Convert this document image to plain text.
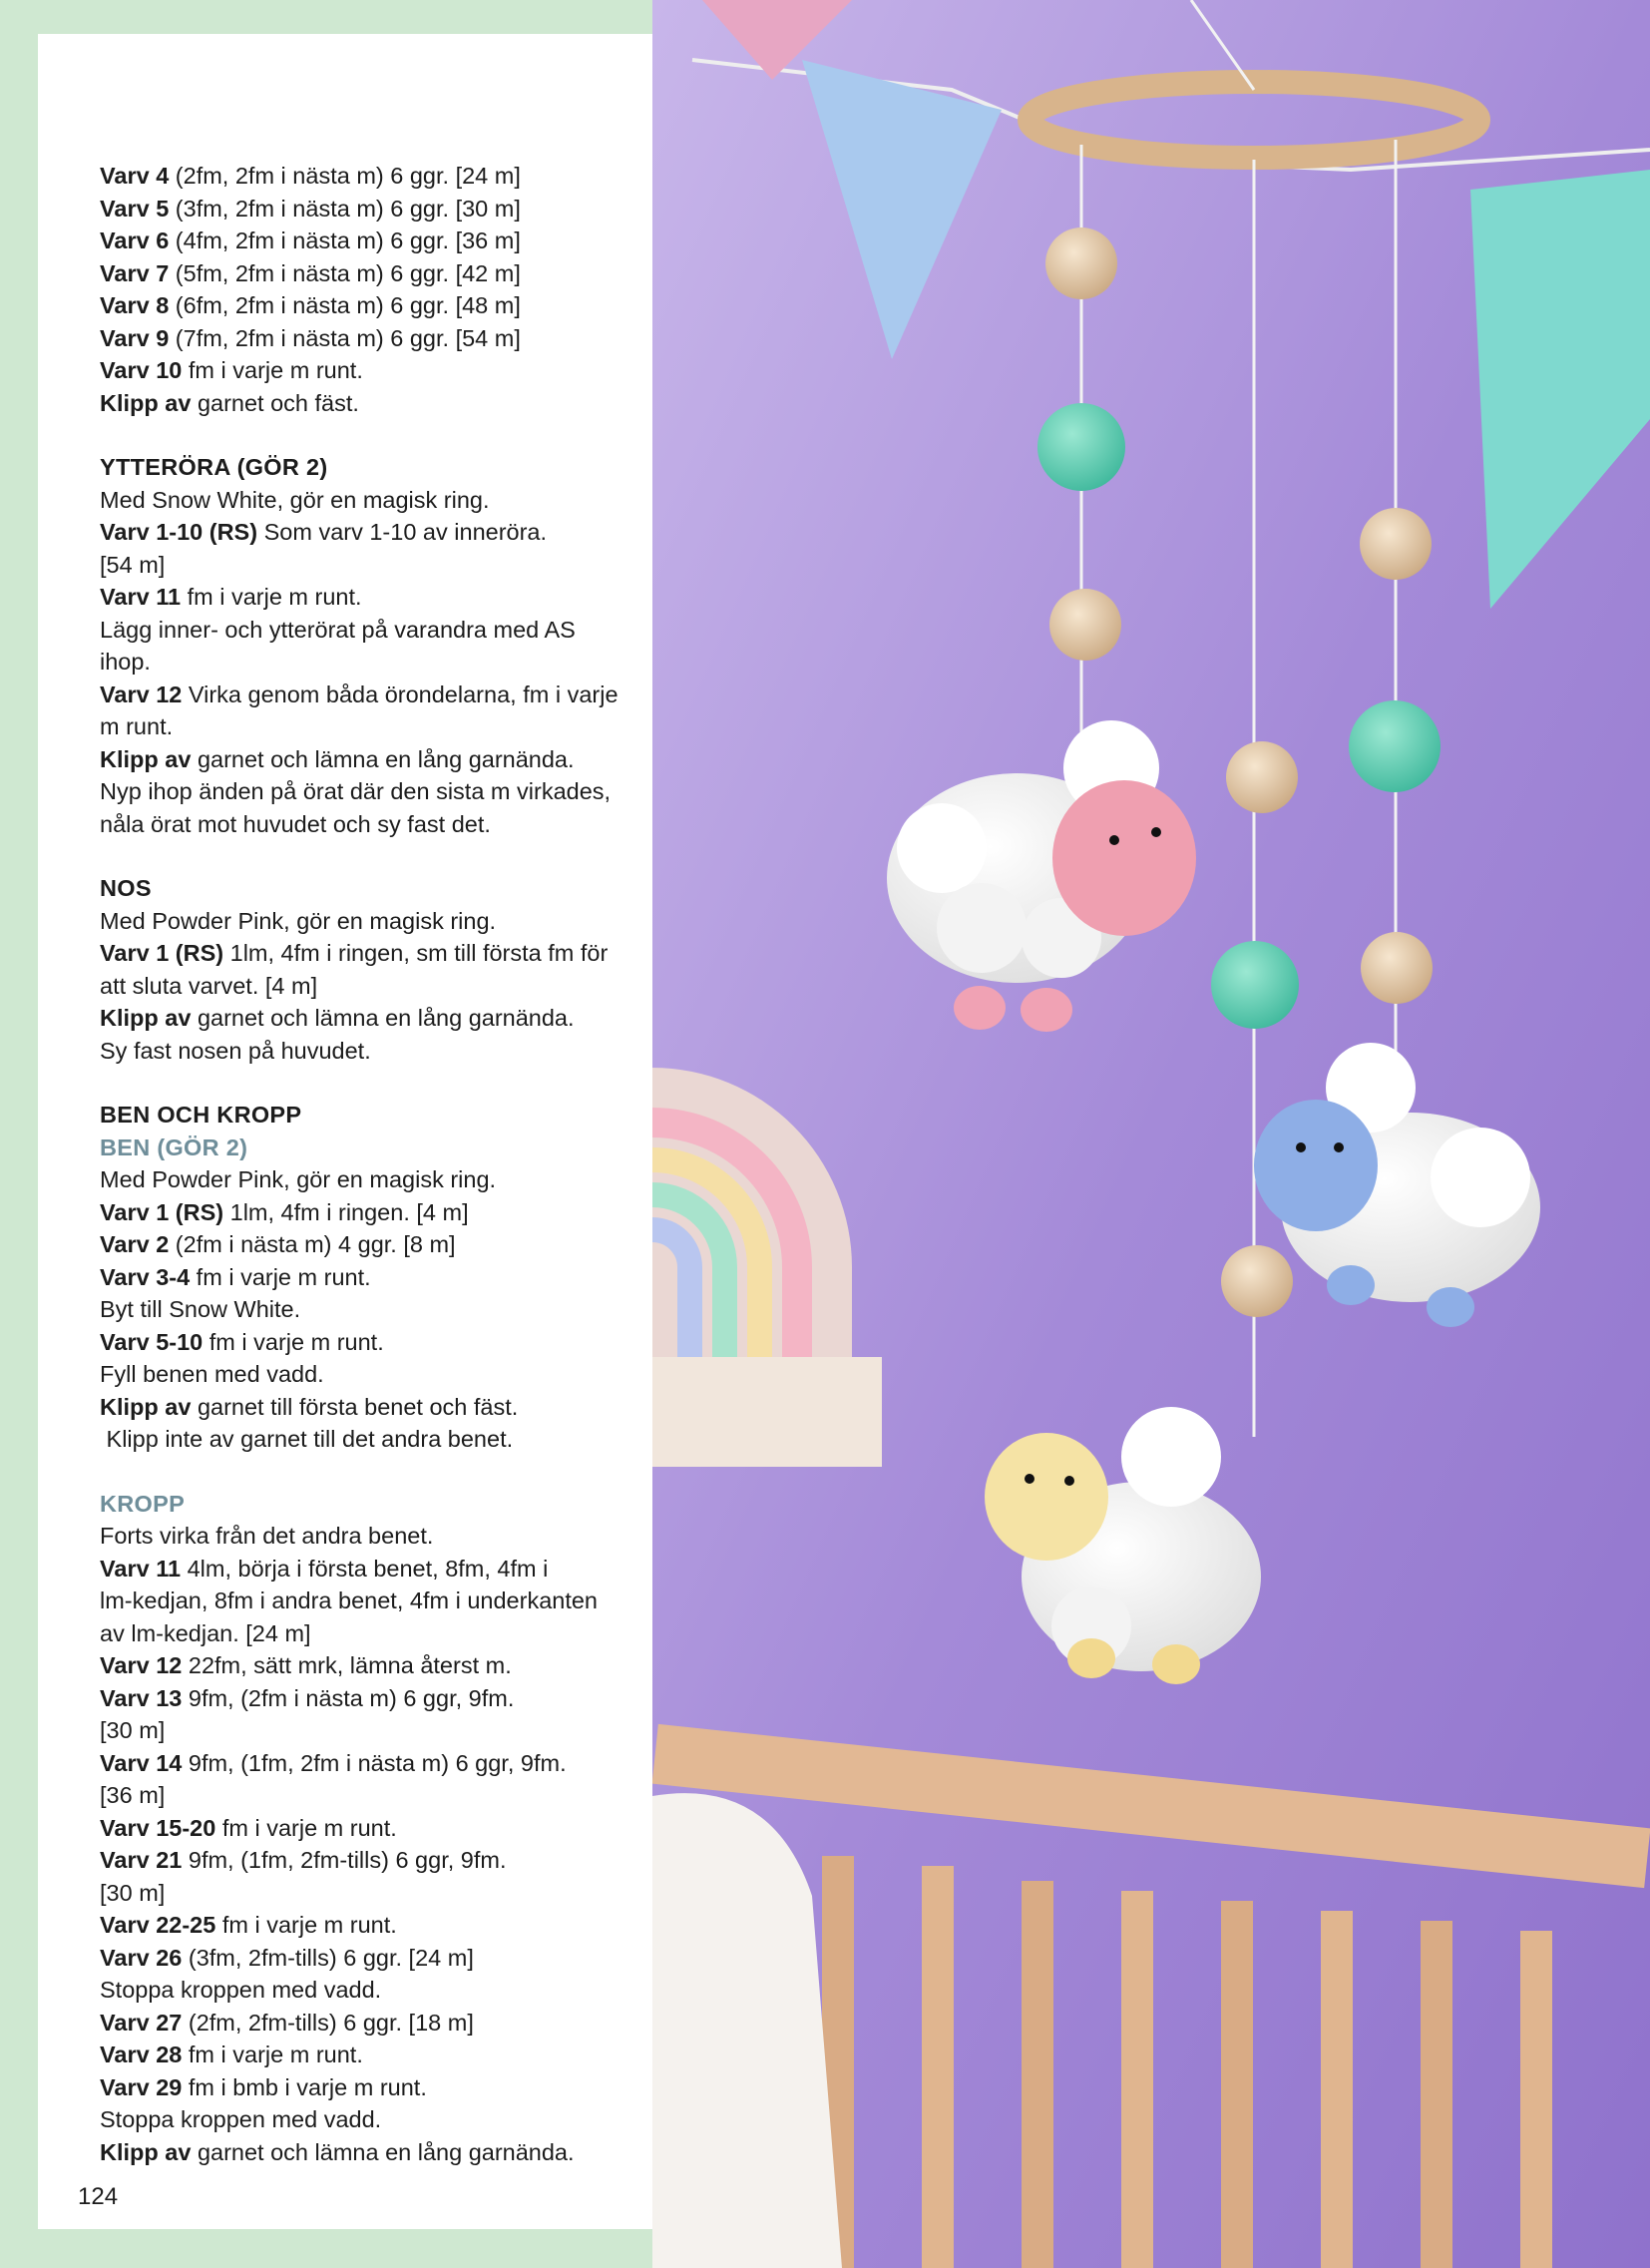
Varv 4 (2fm, 2fm i nästa m) 6 ggr. [24 m]
Varv 5 (3fm, 2fm i nästa m) 6 ggr. [30 m]
Varv 6 (4fm, 2fm i nästa m) 6 ggr. [36 m]
Varv 7 (5fm, 2fm i nästa m) 6 ggr. [42 m]
Varv 8 (6fm, 2fm i nästa m) 6 ggr. [48 m]
Varv 9 (7fm, 2fm i nästa m) 6 ggr. [54 m]
Varv 10 fm i varje m runt.
Klipp av garnet och fäst.
YTTERÖRA (GÖR 2)
Med Snow White, gör en magisk ring.
Varv 1-10 (RS) Som varv 1-10 av inneröra.
[54 m]
Varv 11 fm i varje m runt.
Lägg inner- och ytterörat på varandra med AS
ihop.
Varv 12 Virka genom båda örondelarna, fm i varje
m runt.
Klipp av garnet och lämna en lång garnända.
Nyp ihop änden på örat där den sista m virkades,
nåla örat mot huvudet och sy fast det.
NOS
Med Powder Pink, gör en magisk ring.
Varv 1 (RS) 1lm, 4fm i ringen, sm till första fm för
att sluta varvet. [4 m]
Klipp av garnet och lämna en lång garnända.
Sy fast nosen på huvudet.
BEN OCH KROPP
BEN (GÖR 2)
Med Powder Pink, gör en magisk ring.
Varv 1 (RS) 1lm, 4fm i ringen. [4 m]
Varv 2 (2fm i nästa m) 4 ggr. [8 m]
Varv 3-4 fm i varje m runt.
Byt till Snow White.
Varv 5-10 fm i varje m runt.
Fyll benen med vadd.
Klipp av garnet till första benet och fäst.
Klipp inte av garnet till det andra benet.
KROPP
Forts virka från det andra benet.
Varv 11 4lm, börja i första benet, 8fm, 4fm i
lm-kedjan, 8fm i andra benet, 4fm i underkanten
av lm-kedjan. [24 m]
Varv 12 22fm, sätt mrk, lämna återst m.
Varv 13 9fm, (2fm i nästa m) 6 ggr, 9fm.
[30 m]
Varv 14 9fm, (1fm, 2fm i nästa m) 6 ggr, 9fm.
[36 m]
Varv 15-20 fm i varje m runt.
Varv 21 9fm, (1fm, 2fm-tills) 6 ggr, 9fm.
[30 m]
Varv 22-25 fm i varje m runt.
Varv 26 (3fm, 2fm-tills) 6 ggr. [24 m]
Stoppa kroppen med vadd.
Varv 27 (2fm, 2fm-tills) 6 ggr. [18 m]
Varv 28 fm i varje m runt.
Varv 29 fm i bmb i varje m runt.
Stoppa kroppen med vadd.
Klipp av garnet och lämna en lång garnända.
124
